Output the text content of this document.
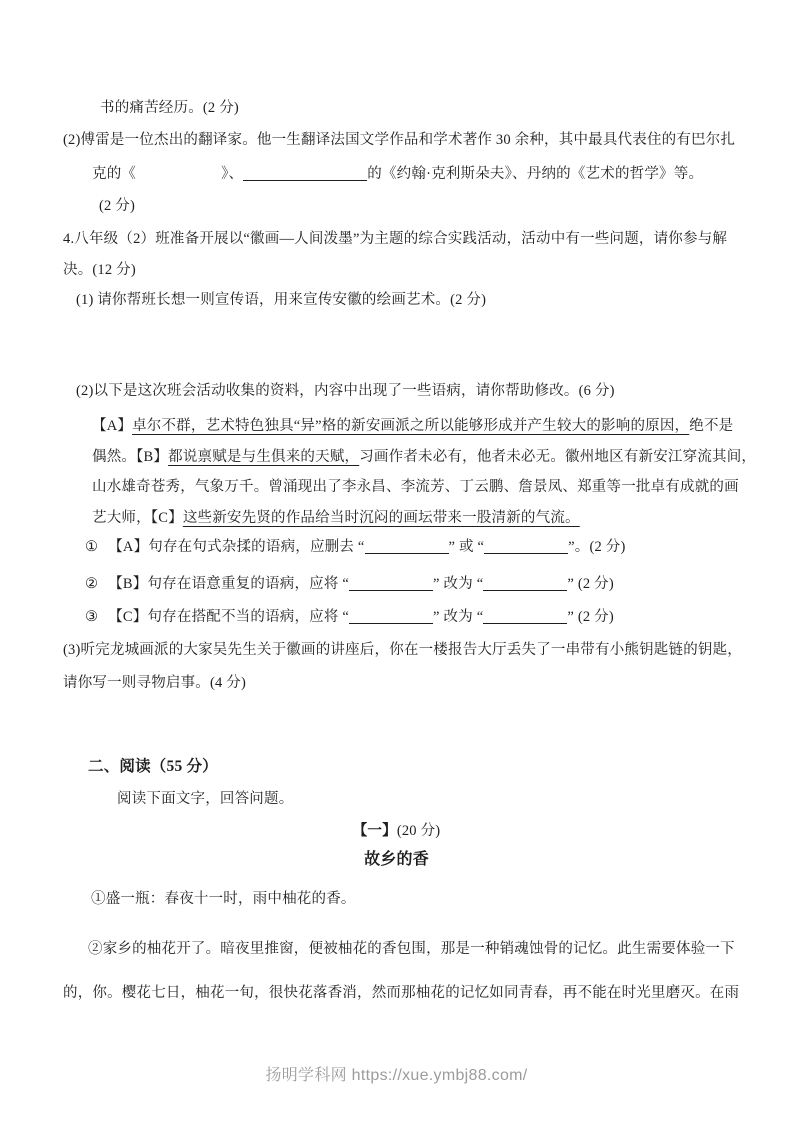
书的痛苦经历。(2 分)
(2)傅雷是一位杰出的翻译家。他一生翻译法国文学作品和学术著作 30 余种，其中最具代表住的有巴尔扎
克的《	》、	的《约翰·克利斯朵夫》、丹纳的《艺术的哲学》等。
(2 分)
4.八年级（2）班准备开展以“徽画—人间泼墨”为主题的综合实践活动，活动中有一些问题，请你参与解
决。(12 分)
(1) 请你帮班长想一则宣传语，用来宣传安徽的绘画艺术。(2 分)
(2)以下是这次班会活动收集的资料，内容中出现了一些语病，请你帮助修改。(6 分)
【A】卓尔不群，艺术特色独具“异”格的新安画派之所以能够形成并产生较大的影响的原因，绝不是
偶然。【B】都说禀赋是与生俱来的天赋，习画作者未必有，他者未必无。徽州地区有新安江穿流其间，
山水雄奇苍秀，气象万千。曾涌现出了李永昌、李流芳、丁云鹏、詹景凤、郑重等一批卓有成就的画
艺大师，【C】这些新安先贤的作品给当时沉闷的画坛带来一股清新的气流。
① 【A】句存在句式杂揉的语病，应删去 “	” 或 “	”。(2 分)
② 【B】句存在语意重复的语病，应将 “	” 改为 “	” (2 分)
③ 【C】句存在搭配不当的语病，应将 “	” 改为 “	” (2 分)
(3)听完龙城画派的大家吴先生关于徽画的讲座后，你在一楼报告大厅丢失了一串带有小熊钥匙链的钥匙，
请你写一则寻物启事。(4 分)
二、阅读（55 分）
阅读下面文字，回答问题。
【一】(20 分)
故乡的香
①盛一瓶：春夜十一时，雨中柚花的香。
②家乡的柚花开了。暗夜里推窗，便被柚花的香包围，那是一种销魂蚀骨的记忆。此生需要体验一下
的，你。樱花七日，柚花一旬，很快花落香消，然而那柚花的记忆如同青春，再不能在时光里磨灭。在雨
扬明学科网 https://xue.ymbj88.com/
